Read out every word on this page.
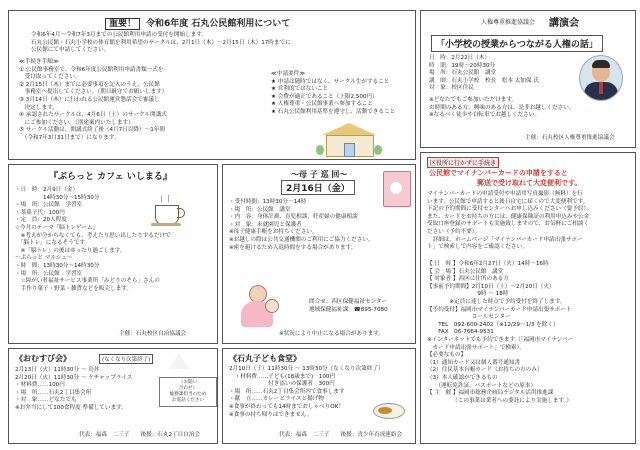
重要！ 令和6年度 石丸公民館利用について
令和6年4月〜令和7年3月までの公民館利用申請の受付を開始します。
石丸公民館・石丸小学校の体育館を利用希望のサークルは、2月1日（木）〜2月15日（木）17時までに
公民館にて申請してください。
≪手続き手順≫
① 公民館事務室で、令和6年度公民館利用申請書類一式を
　受け取ってください。
② 2月15日（木）までに必要事項を記入のうえ、公民館
　事務室へ提出してください。（期日厳守でお願いします）
③ 3月14日（木）に行われる公民館運営懇話会で審議し
　決定します。
④ 承認されたサークルは、4月6日（土）のサークル開講式
　にご参加ください。（別途案内いたします）
⑤ サークル活動は、開講式終了後（4月7日以降）〜1年間
　（令和7年3月31日まで）になります。
≪中請要件≫
★ 申請は随時ではなく、サークル生がすること
★ 営利的ではないこと
★ 会費が適正であること（上限2,500円）
★ 人権尊重・公民館事業へ参加すること
★ 石丸公民館利用基準を遵守し、活動できること
人権尊重推進協議会 講演会
「小学校の授業からつながる人権の話」
日　時：2月22日（木）
時　間：19時〜20時30分
場　所：石丸公民館　講堂
講　師：石丸小学校　校長　松本 太加保 氏
対　象：校区住民
※どなたでもご参加いただけます。
お時間のある方、興味のある方は、是非お越しください。
※なるべく徒歩や自転車でお越しください。
主催：石丸校区人権尊重推進協議会
区役所に行かずに手続き
公民館でマイナンバーカードの申請をすると
郵送で受け取れて大変便利です。
マイナンバーカードの申請受付や申請用写真撮影（無料）を行
います。公民館で申請すると後日自宅に届くので大変便利です。
下記の予約期間に受付センターへお申し込みください（要予約）。
また、カードをお持ちの方には、健康保険証の利用申込みや公金
受取口座登録のサポートも実施致しますので、お気軽にご相談く
ださい（予約不要）。
　詳細は、ホームページ「マイナンバーカード申請出張サポー
ト」で検索して内容をご確認ください。
【 日　時 】令和6年2月27日（火）14時〜16時
【 会　場 】石丸公民館　講堂
【 対象者 】西区に住所のある方
【事前予約期間】2月10日（土）〜2月20日（火）
　　　　　　　　　9時 〜 18時
　　　　※定員に達した時点で予約受付を終了します。
【予約受付】福岡市マイナンバーカード申請出張サポート
　　　　　　　　コールセンター
　　TEL　092-600-2402（※12/29〜1/3 を除く）
　　FAX　06-7664-9531
※インターネットでも予約できます（「福岡市マイナンバー
　カード申請出張サポート」で検索）。
【必要なもの】
（1）通知カード又は個人番号通知書
（2）住民基本台帳カード（お持ちの方のみ）
（3）本人確認ができるもの
　　（運転免許証、パスポートなどの原本）
【 主　催 】福岡市総務企画局デジタル活用推進課
　　　　　（この事業は業者への委託により実施します。）
『ぷらっと カフェ いしまる』
・日　時：2月9日（金）
　　　　　14時30分〜15時30分
・場　所：公民館　学習室
・茶菓子代：100円
・定　員：20人程度
☆今月のテーマ「脳トレゲーム」
　※考えが分からなくても、考えたり思い出したりするだけで
　「脳トレ」になるそうです。
　※「脳トレ」の後はゆったり過ごします。
〜ぷらっと マルシェ〜
・時　間：13時30分〜14時30分
・場　所：公民館　学習室
　☆障がい者福祉サービス事業所「みどりのそら」さんの
　手作り菓子・野菜・雑貨などを販売します。
主催：石丸校区自治協議会
〜母 子 巡 回〜
2月16日（金）
・受付時間：13時30分〜14時
・場　所：公民館　講堂
・内　容：身体計測、育児相談、妊産婦の健康相談
・対　象：未就園児と保護者
※母子健康手帳をお持ちください。
※お越しの際は公共交通機関のご利用にご協力ください。
※密を避けるため入退時間をする場合があります。
問合せ：西区保健福祉センター
地域保健福祉課　☎895-7080
※状況により中止になる場合があります。
《おむすび会》	(なくなり次第終了)
2月13日（火）11時30分 〜 鳥丼
2月20日（火）11時30分 〜 ケチャップライス
・材料費……100円
・場　所……石丸2丁目集会所
・対　象……どなたでも
※お弁当にして100食程度 準備しています。
（お問い
合わせ）
総務課担当のため
お電話ください
代表：福森　二三子　　後援：石丸2丁目自治会
《石丸子ども食堂》
2月10日（土）11時30分 〜 13時30分（なくなり次第終了）
　・材料費……子ども(18歳まで)　100円
　　　　　　　付き添いの保護者　300円
・場　所……石丸2丁目集会所内で食事します
・献　立……カレーとライスと揚げ物
※食事が終わっても14時までおしゃべりOK！
※食事の持ち帰りはできません。
代表：福森　二三子　　後援：青少年育成連絡会
